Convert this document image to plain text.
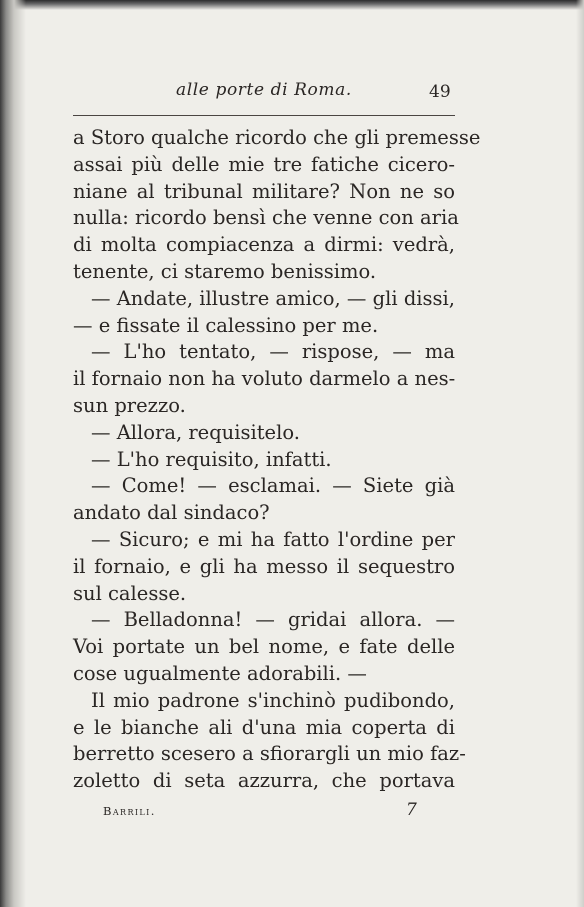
alle porte di Roma.	49
a Storo qualche ricordo che gli premesse
assai più delle mie tre fatiche cicero-
niane al tribunal militare? Non ne so
nulla: ricordo bensì che venne con aria
di molta compiacenza a dirmi: vedrà,
tenente, ci staremo benissimo.
— Andate, illustre amico, — gli dissi,
— e fissate il calessino per me.
— L'ho tentato, — rispose, — ma
il fornaio non ha voluto darmelo a nes-
sun prezzo.
— Allora, requisitelo.
— L'ho requisito, infatti.
— Come! — esclamai. — Siete già
andato dal sindaco?
— Sicuro; e mi ha fatto l'ordine per
il fornaio, e gli ha messo il sequestro
sul calesse.
— Belladonna! — gridai allora. —
Voi portate un bel nome, e fate delle
cose ugualmente adorabili. —
Il mio padrone s'inchinò pudibondo,
e le bianche ali d'una mia coperta di
berretto scesero a sfiorargli un mio faz-
zoletto di seta azzurra, che portava
Barrili.	7
